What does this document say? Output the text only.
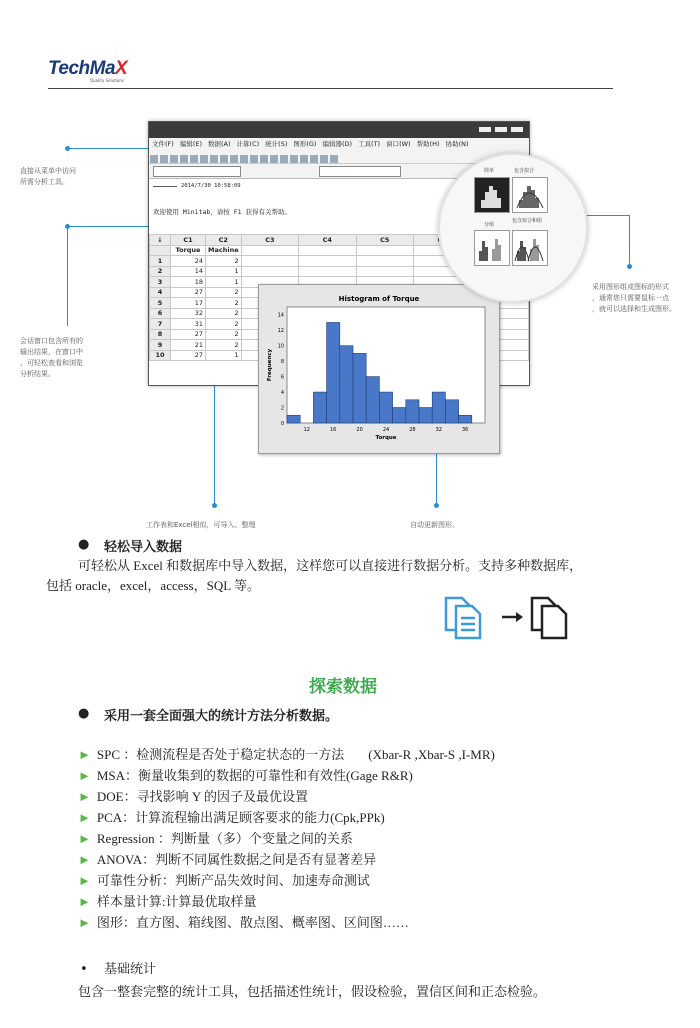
TechMaX
Quality Solutions
直接从菜单中访问
所需分析工具。
会话窗口包含所有的
输出结果，在窗口中
，可轻松查看和浏览
分析结果。
工作表和Excel相似，可导入、整理	自动更新图形。
采用图形组或图标的形式
，通常您只需要鼠标一点
，就可以选择和生成图形。
文件(F) 编辑(E) 数据(A) 计算(C) 统计(S) 图形(G) 编辑器(D) 工具(T) 窗口(W) 帮助(H) 协助(N)
2014/7/30 10:58:09
欢迎使用 Minitab，请按 F1 获得有关帮助。
↓	C1	C2	C3	C4	C5		
	Torque	Machine					
1	24	2					
2	14	1					
3	18	1					
4	27	2					
5	17	2					
6	32	2					
7	31	2					
8	27	2					
9	21	2					
10	27	1					
Histogram of Torque
12	16	20	24	28	32	36
0
2
4
6
8
10
12
14
Torque
Frequency
简单	包含拟合
分组
包含拟合和组
● 轻松导入数据
可轻松从 Excel 和数据库中导入数据，这样您可以直接进行数据分析。支持多种数据库，
包括 oracle，excel，access，SQL 等。
探索数据
● 采用一套全面强大的统计方法分析数据。
► SPC ：检测流程是否处于稳定状态的一方法 (Xbar-R ,Xbar-S ,I-MR)
► MSA：衡量收集到的数据的可靠性和有效性(Gage R&R)
► DOE：寻找影响 Y 的因子及最优设置
► PCA：计算流程输出满足顾客要求的能力(Cpk,PPk)
► Regression ：判断量（多）个变量之间的关系
► ANOVA：判断不同属性数据之间是否有显著差异
► 可靠性分析：判断产品失效时间、加速寿命测试
► 样本量计算:计算最优取样量
► 图形：直方图、箱线图、散点图、概率图、区间图……
• 基础统计
包含一整套完整的统计工具，包括描述性统计，假设检验，置信区间和正态检验。
